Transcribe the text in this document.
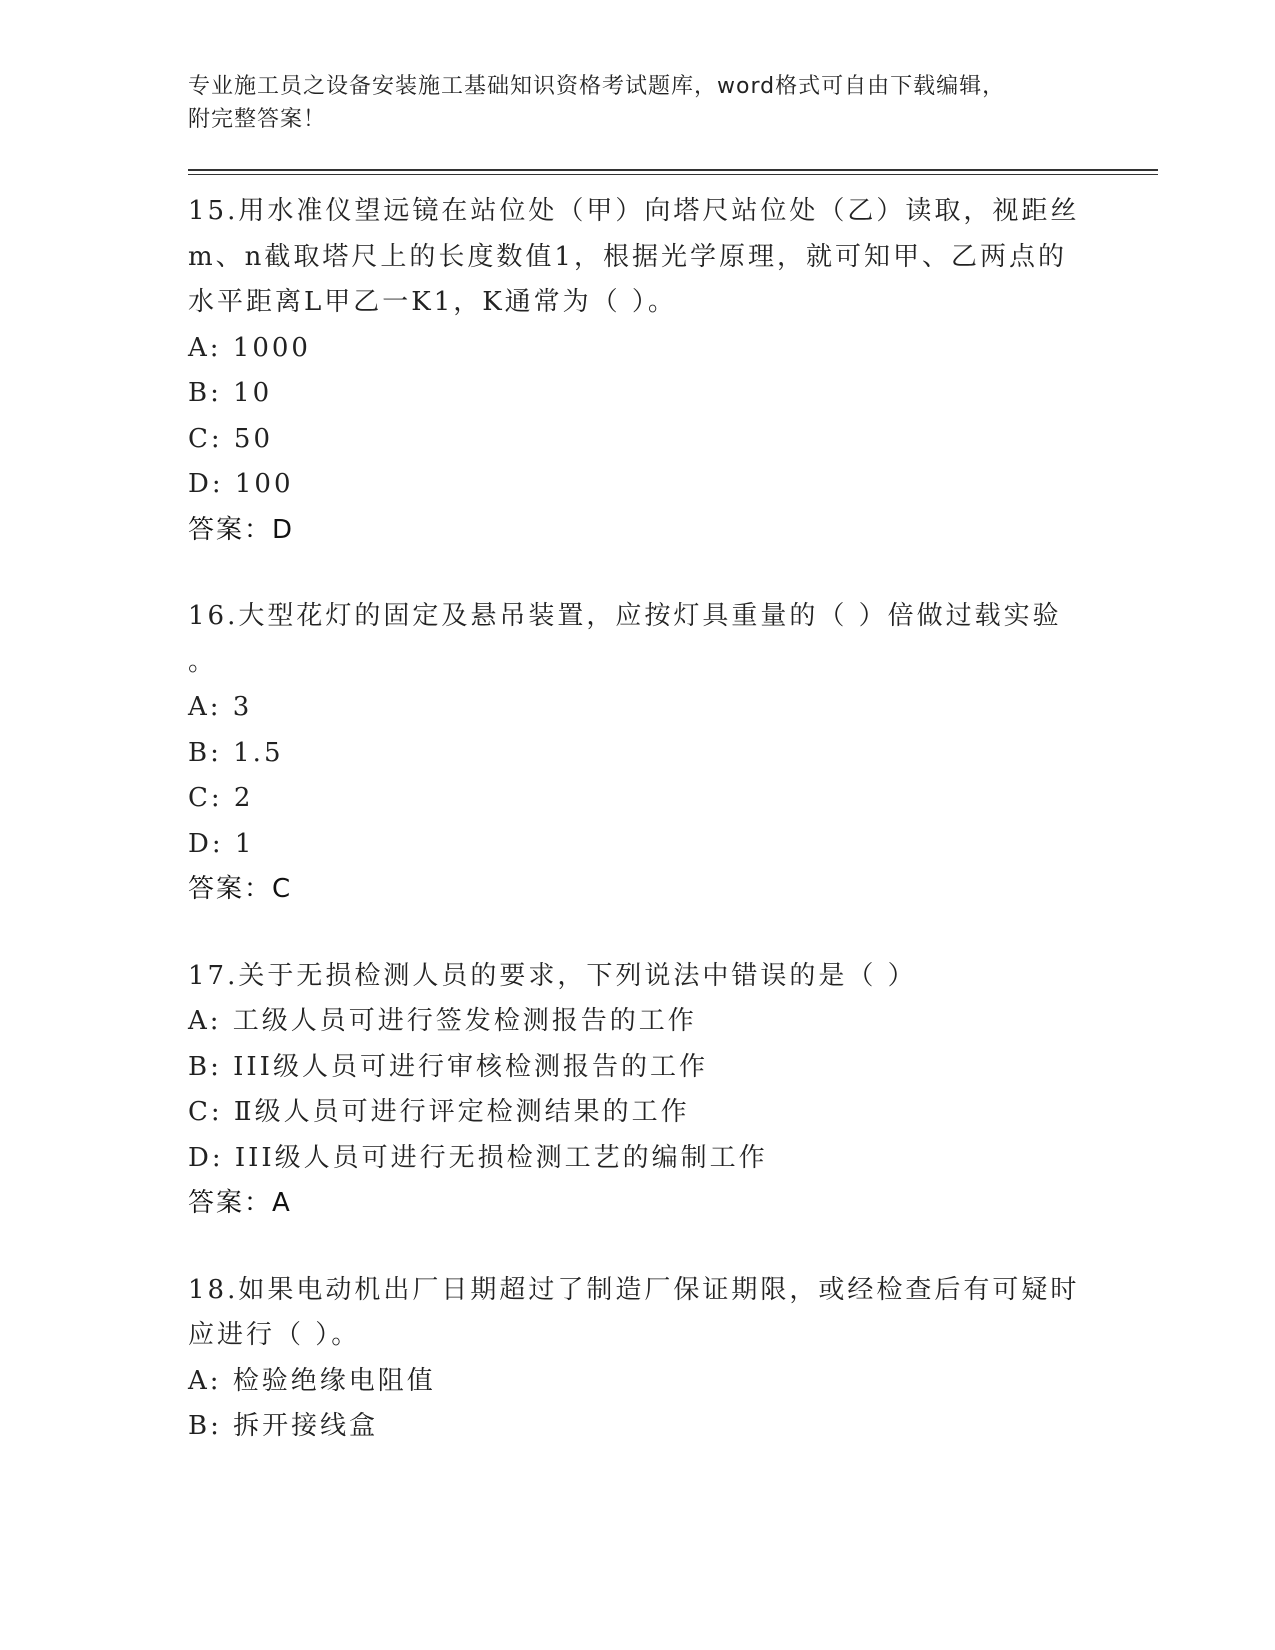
专业施工员之设备安装施工基础知识资格考试题库，word格式可自由下载编辑，
附完整答案！

15.用水准仪望远镜在站位处（甲）向塔尺站位处（乙）读取，视距丝

m、n截取塔尺上的长度数值1，根据光学原理，就可知甲、乙两点的

水平距离L甲乙一K1，K通常为（ ）。

A: 1000

B: 10

C: 50

D: 100

答案：D

16.大型花灯的固定及悬吊装置，应按灯具重量的（ ）倍做过载实验

。

A: 3

B: 1.5

C: 2

D: 1

答案：C

17.关于无损检测人员的要求，下列说法中错误的是（ ）

A: 工级人员可进行签发检测报告的工作

B: III级人员可进行审核检测报告的工作

C: Ⅱ级人员可进行评定检测结果的工作

D: III级人员可进行无损检测工艺的编制工作

答案：A

18.如果电动机出厂日期超过了制造厂保证期限，或经检查后有可疑时

应进行（ ）。

A: 检验绝缘电阻值

B: 拆开接线盒
